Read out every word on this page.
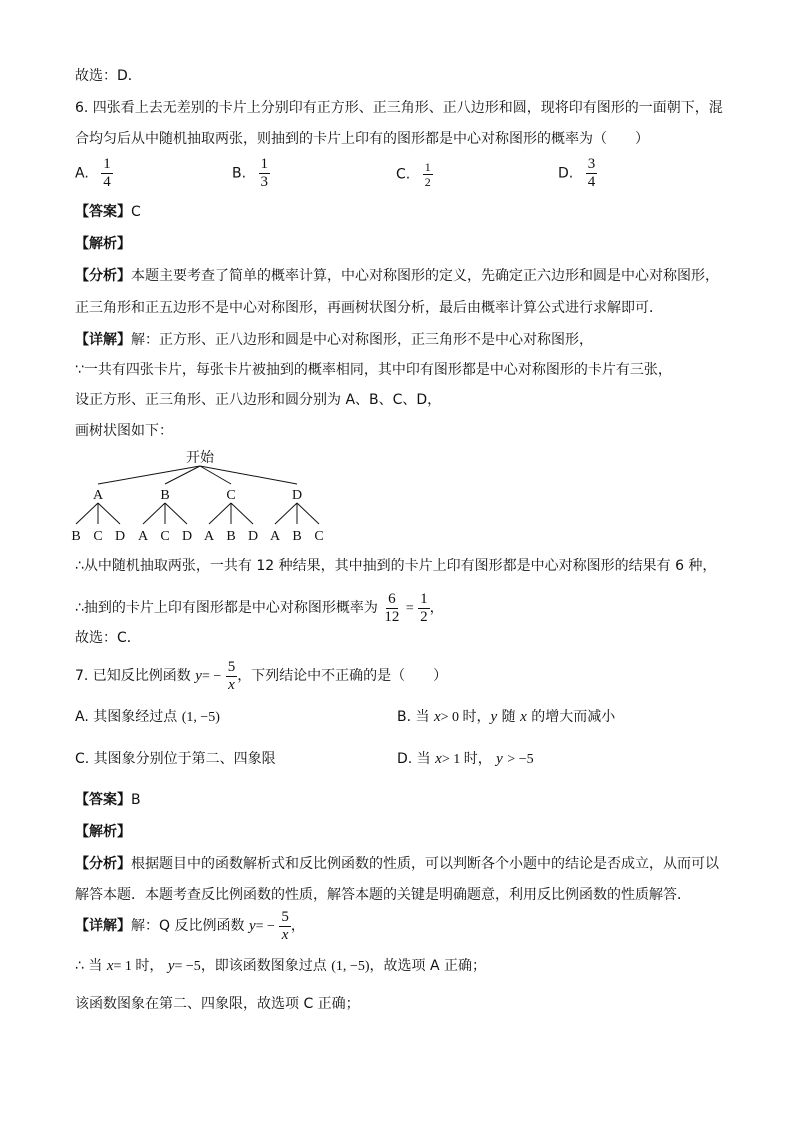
故选：D．
6. 四张看上去无差别的卡片上分别印有正方形、正三角形、正八边形和圆，现将印有图形的一面朝下，混
合均匀后从中随机抽取两张，则抽到的卡片上印有的图形都是中心对称图形的概率为（　　）
A. $\frac{1}{4}$	B. $\frac{1}{3}$	C. $\frac{1}{2}$	D. $\frac{3}{4}$
【答案】C
【解析】
【分析】本题主要考查了简单的概率计算，中心对称图形的定义，先确定正六边形和圆是中心对称图形，
正三角形和正五边形不是中心对称图形，再画树状图分析，最后由概率计算公式进行求解即可．
【详解】解：正方形、正八边形和圆是中心对称图形，正三角形不是中心对称图形，
∵一共有四张卡片，每张卡片被抽到的概率相同，其中印有图形都是中心对称图形的卡片有三张，
设正方形、正三角形、正八边形和圆分别为 A、B、C、D，
画树状图如下：
开始
A	B	C	D
B C D A C D A B D A B C
∴从中随机抽取两张，一共有 12 种结果，其中抽到的卡片上印有图形都是中心对称图形的结果有 6 种，
∴抽到的卡片上印有图形都是中心对称图形概率为 $\frac{6}{12} = \frac{1}{2}$ ，
故选：C．
7. 已知反比例函数 $y= - \frac{5}{x}$ ，下列结论中不正确的是（　　）
A. 其图象经过点 (1, −5)	B. 当 x> 0 时，y 随 x 的增大而减小
C. 其图象分别位于第二、四象限	D. 当 x> 1 时， y > −5
【答案】B
【解析】
【分析】根据题目中的函数解析式和反比例函数的性质，可以判断各个小题中的结论是否成立，从而可以
解答本题．本题考查反比例函数的性质，解答本题的关键是明确题意，利用反比例函数的性质解答．
【详解】解：Q 反比例函数 $y= - \frac{5}{x}$ ，
∴ 当 x= 1 时， y= −5，即该函数图象过点 (1, −5)，故选项 A 正确；
该函数图象在第二、四象限，故选项 C 正确；
